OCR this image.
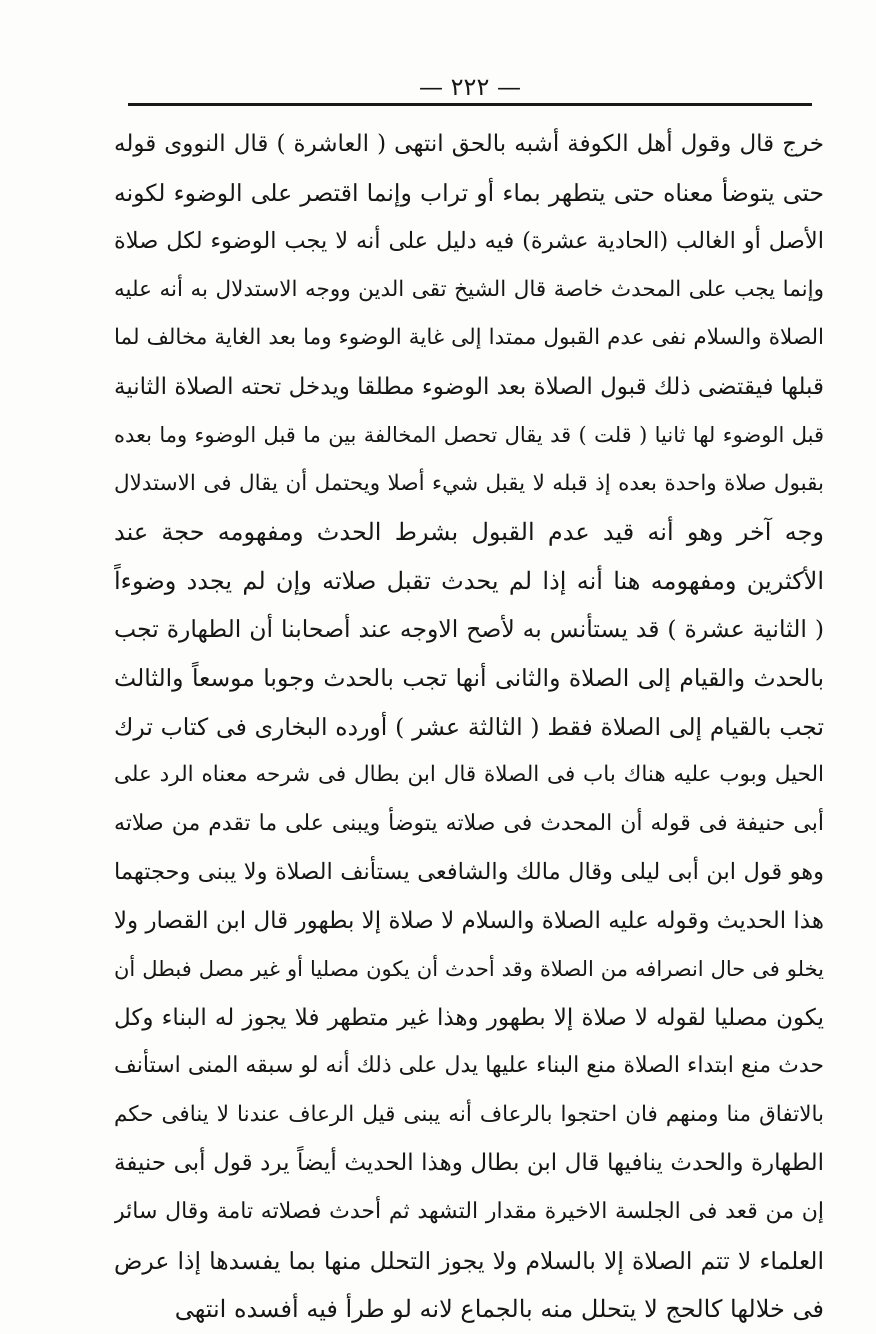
— ٢٢٢ —
خرج قال وقول أهل الكوفة أشبه بالحق انتهى ( العاشرة ) قال النووى قوله
حتى يتوضأ معناه حتى يتطهر بماء أو تراب وإنما اقتصر على الوضوء لكونه
الأصل أو الغالب (الحادية عشرة) فيه دليل على أنه لا يجب الوضوء لكل صلاة
وإنما يجب على المحدث خاصة قال الشيخ تقى الدين ووجه الاستدلال به أنه عليه
الصلاة والسلام نفى عدم القبول ممتدا إلى غاية الوضوء وما بعد الغاية مخالف لما
قبلها فيقتضى ذلك قبول الصلاة بعد الوضوء مطلقا ويدخل تحته الصلاة الثانية
قبل الوضوء لها ثانيا ( قلت ) قد يقال تحصل المخالفة بين ما قبل الوضوء وما بعده
بقبول صلاة واحدة بعده إذ قبله لا يقبل شيء أصلا ويحتمل أن يقال فى الاستدلال
وجه آخر وهو أنه قيد عدم القبول بشرط الحدث ومفهومه حجة عند
الأكثرين ومفهومه هنا أنه إذا لم يحدث تقبل صلاته وإن لم يجدد وضوءاً
( الثانية عشرة ) قد يستأنس به لأصح الاوجه عند أصحابنا أن الطهارة تجب
بالحدث والقيام إلى الصلاة والثانى أنها تجب بالحدث وجوبا موسعاً والثالث
تجب بالقيام إلى الصلاة فقط ( الثالثة عشر ) أورده البخارى فى كتاب ترك
الحيل وبوب عليه هناك باب فى الصلاة قال ابن بطال فى شرحه معناه الرد على
أبى حنيفة فى قوله أن المحدث فى صلاته يتوضأ ويبنى على ما تقدم من صلاته
وهو قول ابن أبى ليلى وقال مالك والشافعى يستأنف الصلاة ولا يبنى وحجتهما
هذا الحديث وقوله عليه الصلاة والسلام لا صلاة إلا بطهور قال ابن القصار ولا
يخلو فى حال انصرافه من الصلاة وقد أحدث أن يكون مصليا أو غير مصل فبطل أن
يكون مصليا لقوله لا صلاة إلا بطهور وهذا غير متطهر فلا يجوز له البناء وكل
حدث منع ابتداء الصلاة منع البناء عليها يدل على ذلك أنه لو سبقه المنى استأنف
بالاتفاق منا ومنهم فان احتجوا بالرعاف أنه يبنى قيل الرعاف عندنا لا ينافى حكم
الطهارة والحدث ينافيها قال ابن بطال وهذا الحديث أيضاً يرد قول أبى حنيفة
إن من قعد فى الجلسة الاخيرة مقدار التشهد ثم أحدث فصلاته تامة وقال سائر
العلماء لا تتم الصلاة إلا بالسلام ولا يجوز التحلل منها بما يفسدها إذا عرض
فى خلالها كالحج لا يتحلل منه بالجماع لانه لو طرأ فيه أفسده انتهى
